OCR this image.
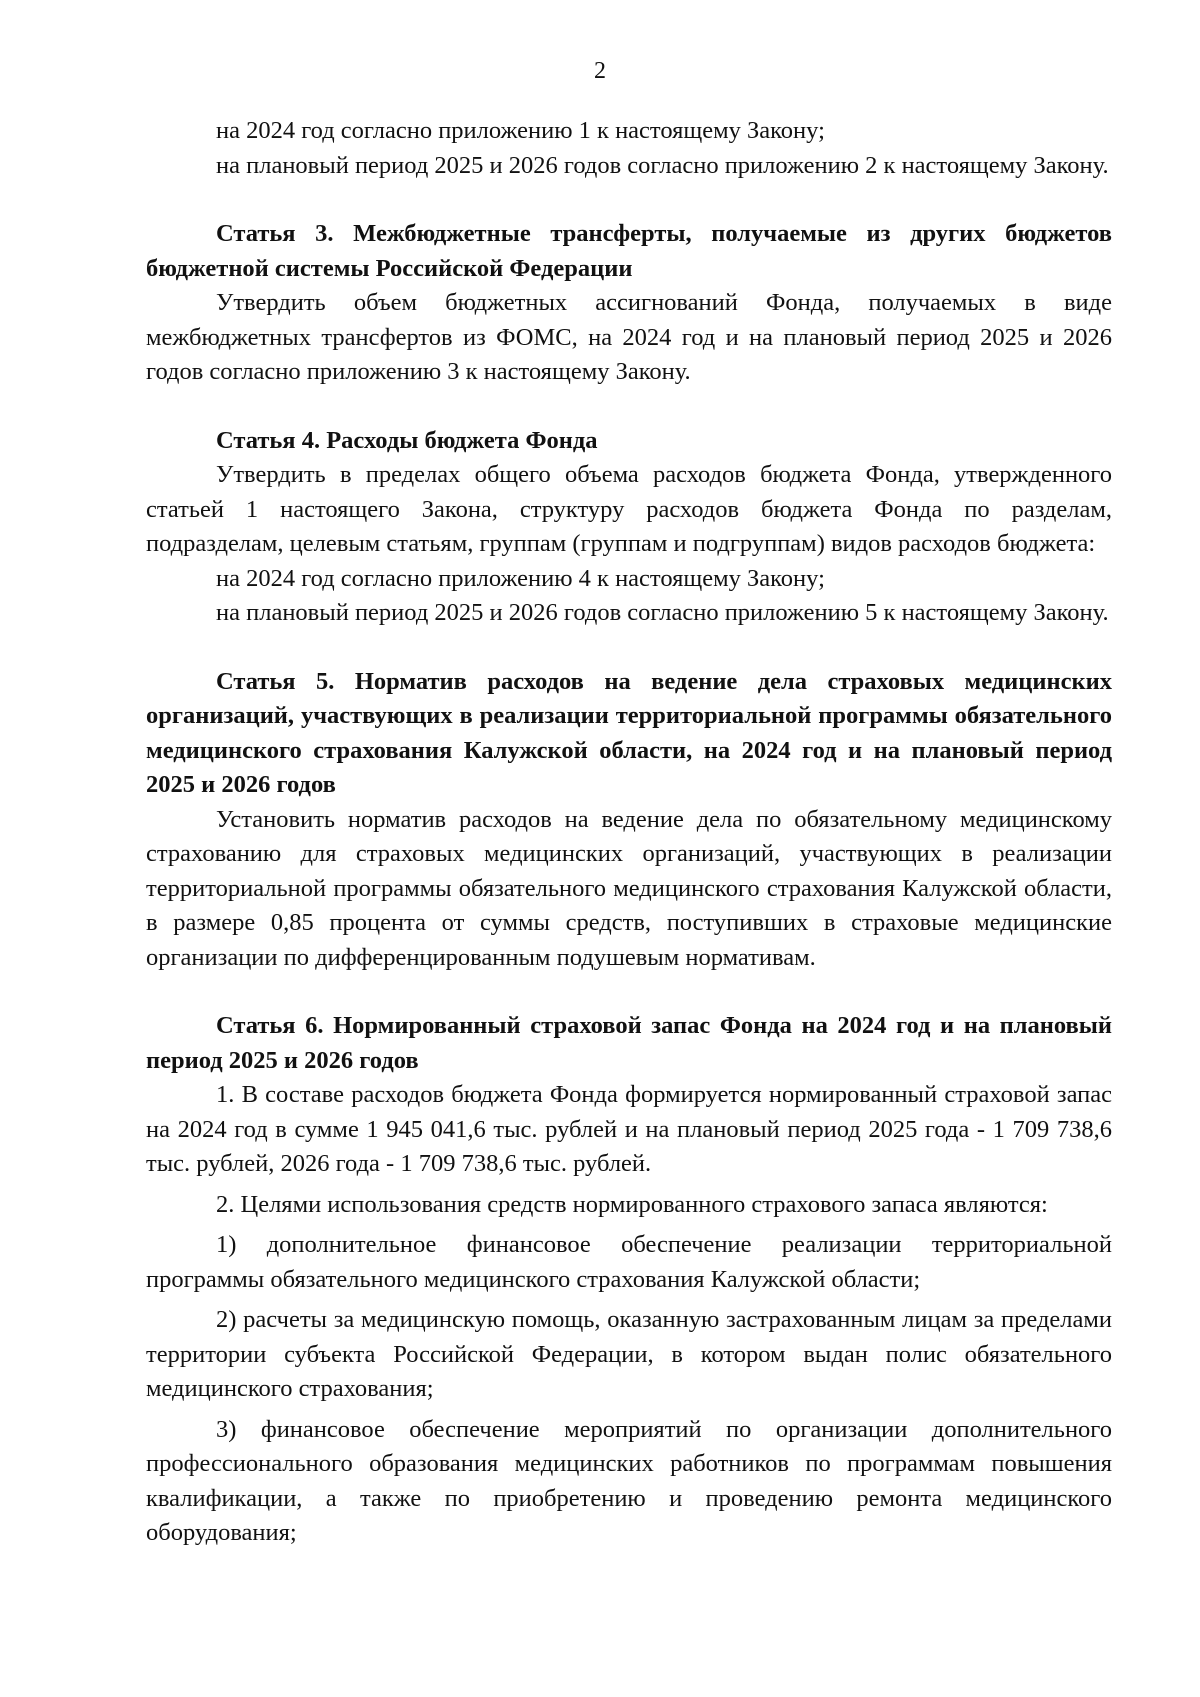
2

на 2024 год согласно приложению 1 к настоящему Закону;

на плановый период 2025 и 2026 годов согласно приложению 2 к настоящему Закону.

Статья 3. Межбюджетные трансферты, получаемые из других бюджетов бюджетной системы Российской Федерации

Утвердить объем бюджетных ассигнований Фонда, получаемых в виде межбюджетных трансфертов из ФОМС, на 2024 год и на плановый период 2025 и 2026 годов согласно приложению 3 к настоящему Закону.

Статья 4. Расходы бюджета Фонда

Утвердить в пределах общего объема расходов бюджета Фонда, утвержденного статьей 1 настоящего Закона, структуру расходов бюджета Фонда по разделам, подразделам, целевым статьям, группам (группам и подгруппам) видов расходов бюджета:

на 2024 год согласно приложению 4 к настоящему Закону;

на плановый период 2025 и 2026 годов согласно приложению 5 к настоящему Закону.

Статья 5. Норматив расходов на ведение дела страховых медицинских организаций, участвующих в реализации территориальной программы обязательного медицинского страхования Калужской области, на 2024 год и на плановый период 2025 и 2026 годов

Установить норматив расходов на ведение дела по обязательному медицинскому страхованию для страховых медицинских организаций, участвующих в реализации территориальной программы обязательного медицинского страхования Калужской области, в размере 0,85 процента от суммы средств, поступивших в страховые медицинские организации по дифференцированным подушевым нормативам.

Статья 6. Нормированный страховой запас Фонда на 2024 год и на плановый период 2025 и 2026 годов

1. В составе расходов бюджета Фонда формируется нормированный страховой запас на 2024 год в сумме 1 945 041,6 тыс. рублей и на плановый период 2025 года - 1 709 738,6 тыс. рублей, 2026 года - 1 709 738,6 тыс. рублей.

2. Целями использования средств нормированного страхового запаса являются:

1) дополнительное финансовое обеспечение реализации территориальной программы обязательного медицинского страхования Калужской области;

2) расчеты за медицинскую помощь, оказанную застрахованным лицам за пределами территории субъекта Российской Федерации, в котором выдан полис обязательного медицинского страхования;

3) финансовое обеспечение мероприятий по организации дополнительного профессионального образования медицинских работников по программам повышения квалификации, а также по приобретению и проведению ремонта медицинского оборудования;
